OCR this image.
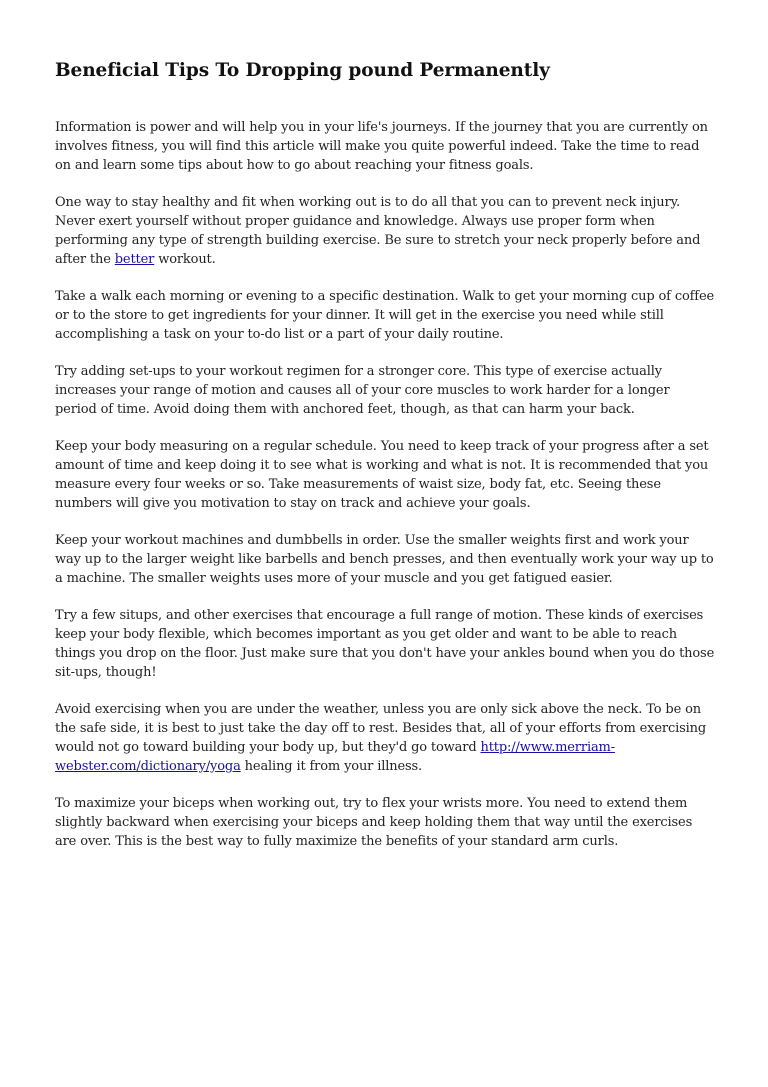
Beneficial Tips To Dropping pound Permanently

Information is power and will help you in your life's journeys. If the journey that you are currently on involves fitness, you will find this article will make you quite powerful indeed. Take the time to read on and learn some tips about how to go about reaching your fitness goals.

One way to stay healthy and fit when working out is to do all that you can to prevent neck injury. Never exert yourself without proper guidance and knowledge. Always use proper form when performing any type of strength building exercise. Be sure to stretch your neck properly before and after the better workout.

Take a walk each morning or evening to a specific destination. Walk to get your morning cup of coffee or to the store to get ingredients for your dinner. It will get in the exercise you need while still accomplishing a task on your to-do list or a part of your daily routine.

Try adding set-ups to your workout regimen for a stronger core. This type of exercise actually increases your range of motion and causes all of your core muscles to work harder for a longer period of time. Avoid doing them with anchored feet, though, as that can harm your back.

Keep your body measuring on a regular schedule. You need to keep track of your progress after a set amount of time and keep doing it to see what is working and what is not. It is recommended that you measure every four weeks or so. Take measurements of waist size, body fat, etc. Seeing these numbers will give you motivation to stay on track and achieve your goals.

Keep your workout machines and dumbbells in order. Use the smaller weights first and work your way up to the larger weight like barbells and bench presses, and then eventually work your way up to a machine. The smaller weights uses more of your muscle and you get fatigued easier.

Try a few situps, and other exercises that encourage a full range of motion. These kinds of exercises keep your body flexible, which becomes important as you get older and want to be able to reach things you drop on the floor. Just make sure that you don't have your ankles bound when you do those sit-ups, though!

Avoid exercising when you are under the weather, unless you are only sick above the neck. To be on the safe side, it is best to just take the day off to rest. Besides that, all of your efforts from exercising would not go toward building your body up, but they'd go toward http://www.merriam-webster.com/dictionary/yoga healing it from your illness.

To maximize your biceps when working out, try to flex your wrists more. You need to extend them slightly backward when exercising your biceps and keep holding them that way until the exercises are over. This is the best way to fully maximize the benefits of your standard arm curls.
